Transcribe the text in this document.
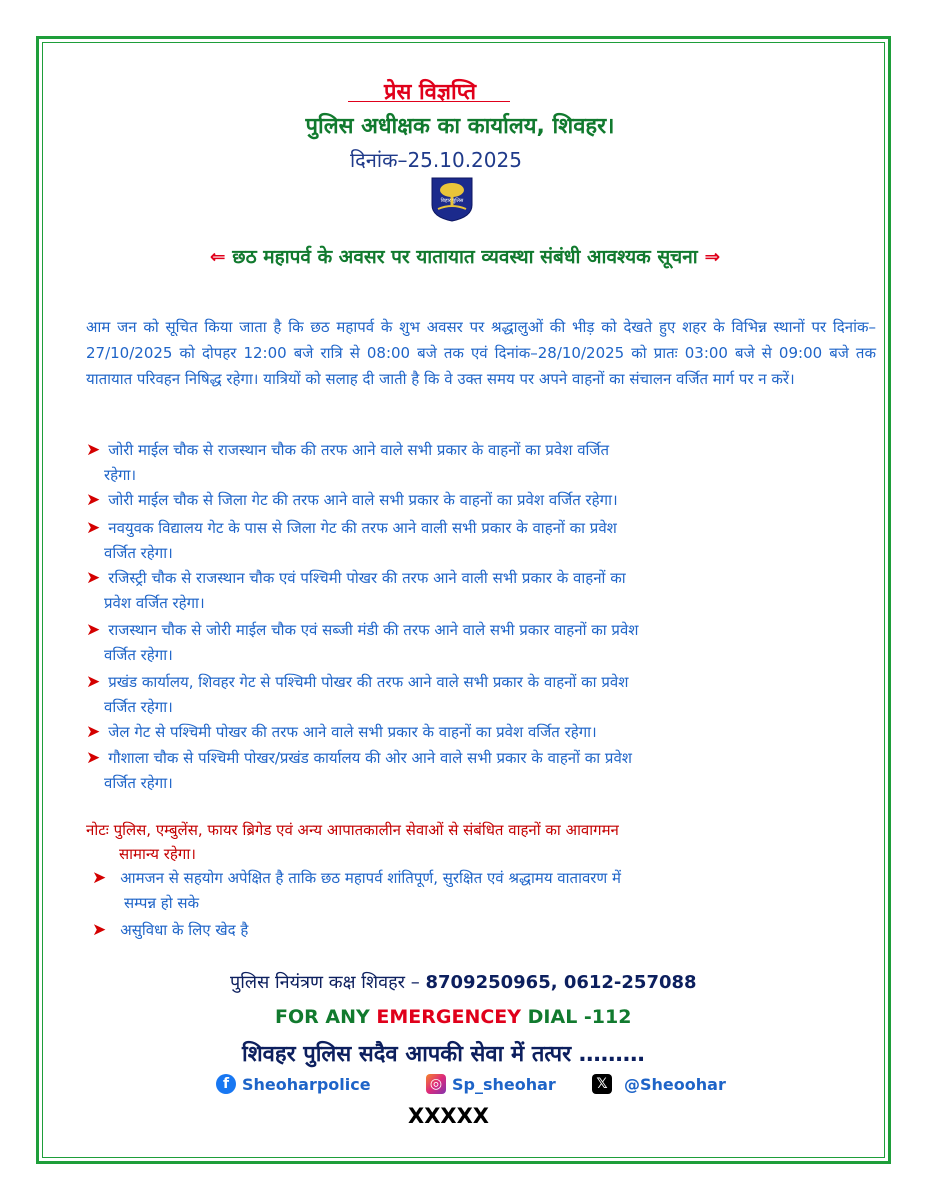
प्रेस विज्ञप्ति
पुलिस अधीक्षक का कार्यालय, शिवहर।
दिनांक–25.10.2025
बिहार पुलिस
⇐ छठ महापर्व के अवसर पर यातायात व्यवस्था संबंधी आवश्यक सूचना ⇒
आम जन को सूचित किया जाता है कि छठ महापर्व के शुभ अवसर पर श्रद्धालुओं की भीड़ को देखते हुए शहर के विभिन्न स्थानों पर दिनांक–27/10/2025 को दोपहर 12:00 बजे रात्रि से 08:00 बजे तक एवं दिनांक–28/10/2025 को प्रातः 03:00 बजे से 09:00 बजे तक यातायात परिवहन निषिद्ध रहेगा। यात्रियों को सलाह दी जाती है कि वे उक्त समय पर अपने वाहनों का संचालन वर्जित मार्ग पर न करें।
➤ जोरी माईल चौक से राजस्थान चौक की तरफ आने वाले सभी प्रकार के वाहनों का प्रवेश वर्जित
रहेगा।
➤ जोरी माईल चौक से जिला गेट की तरफ आने वाले सभी प्रकार के वाहनों का प्रवेश वर्जित रहेगा।
➤ नवयुवक विद्यालय गेट के पास से जिला गेट की तरफ आने वाली सभी प्रकार के वाहनों का प्रवेश
वर्जित रहेगा।
➤ रजिस्ट्री चौक से राजस्थान चौक एवं पश्चिमी पोखर की तरफ आने वाली सभी प्रकार के वाहनों का
प्रवेश वर्जित रहेगा।
➤ राजस्थान चौक से जोरी माईल चौक एवं सब्जी मंडी की तरफ आने वाले सभी प्रकार वाहनों का प्रवेश
वर्जित रहेगा।
➤ प्रखंड कार्यालय, शिवहर गेट से पश्चिमी पोखर की तरफ आने वाले सभी प्रकार के वाहनों का प्रवेश
वर्जित रहेगा।
➤ जेल गेट से पश्चिमी पोखर की तरफ आने वाले सभी प्रकार के वाहनों का प्रवेश वर्जित रहेगा।
➤ गौशाला चौक से पश्चिमी पोखर/प्रखंड कार्यालय की ओर आने वाले सभी प्रकार के वाहनों का प्रवेश
वर्जित रहेगा।
नोटः पुलिस, एम्बुलेंस, फायर ब्रिगेड एवं अन्य आपातकालीन सेवाओं से संबंधित वाहनों का आवागमन
सामान्य रहेगा।
➤ आमजन से सहयोग अपेक्षित है ताकि छठ महापर्व शांतिपूर्ण, सुरक्षित एवं श्रद्धामय वातावरण में
सम्पन्न हो सके
➤ असुविधा के लिए खेद है
पुलिस नियंत्रण कक्ष शिवहर – 8709250965, 0612-257088
FOR ANY EMERGENCEY DIAL -112
शिवहर पुलिस सदैव आपकी सेवा में तत्पर ………
f Sheoharpolice	◎ Sp_sheohar	𝕏 @Sheoohar
XXXXX
